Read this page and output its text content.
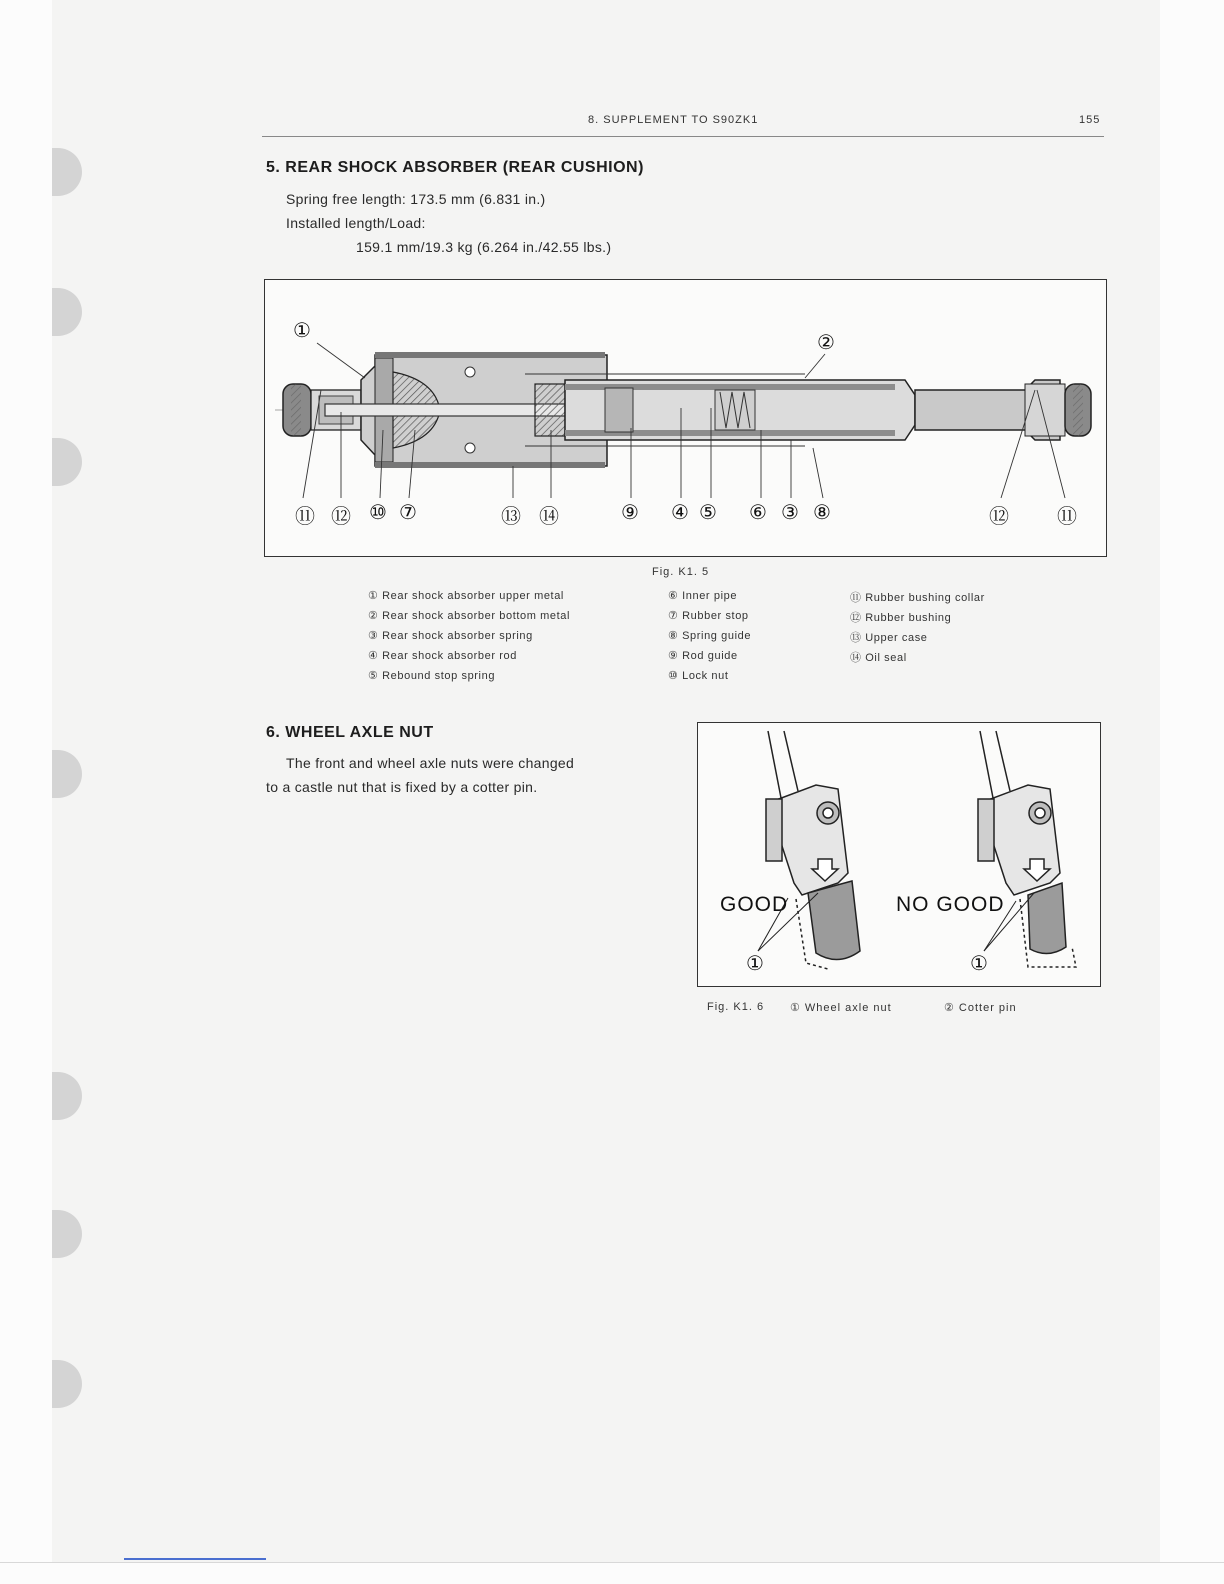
8. SUPPLEMENT TO S90ZK1	155
5. REAR SHOCK ABSORBER (REAR CUSHION)
Spring free length: 173.5 mm (6.831 in.)
Installed length/Load:
159.1 mm/19.3 kg (6.264 in./42.55 lbs.)
①	②
⑪ ⑫ ⑩ ⑦	⑬ ⑭	⑨ ④ ⑤ ⑥ ③ ⑧	⑫ ⑪
Fig. K1. 5
① Rear shock absorber upper metal
② Rear shock absorber bottom metal
③ Rear shock absorber spring
④ Rear shock absorber rod
⑤ Rebound stop spring
⑥ Inner pipe
⑦ Rubber stop
⑧ Spring guide
⑨ Rod guide
⑩ Lock nut
⑪ Rubber bushing collar
⑫ Rubber bushing
⑬ Upper case
⑭ Oil seal
6. WHEEL AXLE NUT
The front and wheel axle nuts were changed
to a castle nut that is fixed by a cotter pin.
GOOD	NO GOOD
①	①
Fig. K1. 6 ① Wheel axle nut	② Cotter pin
